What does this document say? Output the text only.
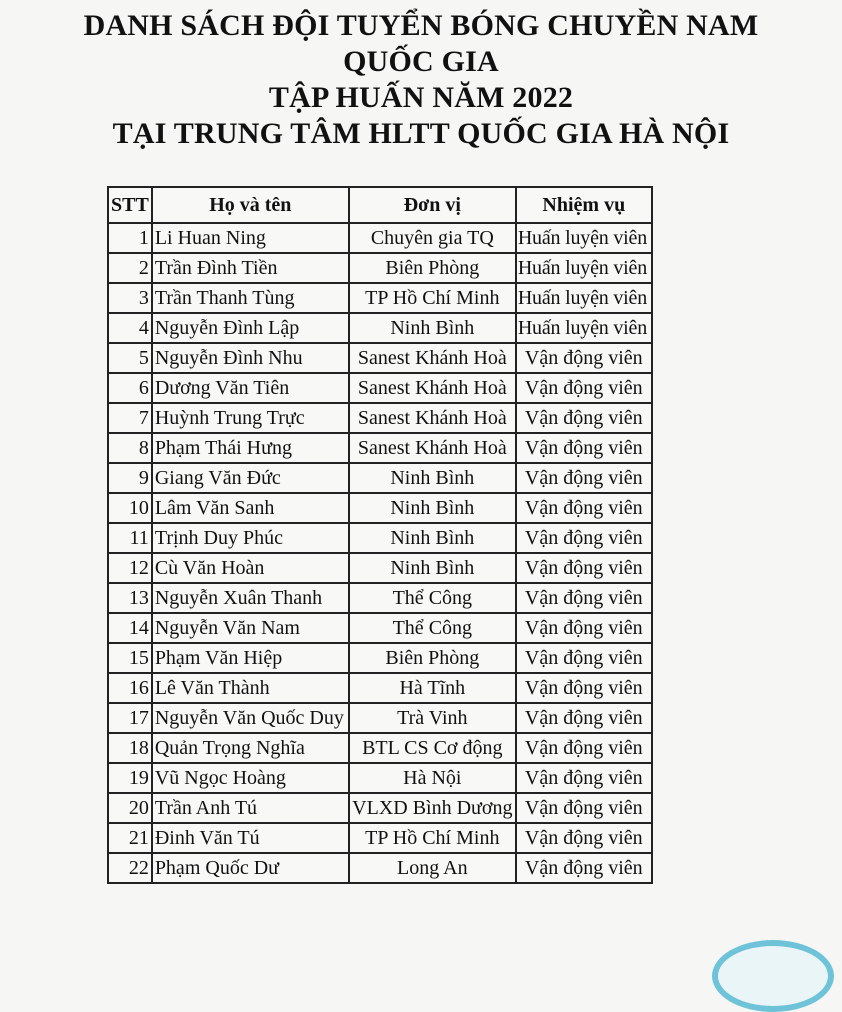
DANH SÁCH ĐỘI TUYỂN BÓNG CHUYỀN NAM
QUỐC GIA
TẬP HUẤN NĂM 2022
TẠI TRUNG TÂM HLTT QUỐC GIA HÀ NỘI
STT	Họ và tên	Đơn vị	Nhiệm vụ
1	Li Huan Ning	Chuyên gia TQ	Huấn luyện viên
2	Trần Đình Tiền	Biên Phòng	Huấn luyện viên
3	Trần Thanh Tùng	TP Hồ Chí Minh	Huấn luyện viên
4	Nguyễn Đình Lập	Ninh Bình	Huấn luyện viên
5	Nguyễn Đình Nhu	Sanest Khánh Hoà	Vận động viên
6	Dương Văn Tiên	Sanest Khánh Hoà	Vận động viên
7	Huỳnh Trung Trực	Sanest Khánh Hoà	Vận động viên
8	Phạm Thái Hưng	Sanest Khánh Hoà	Vận động viên
9	Giang Văn Đức	Ninh Bình	Vận động viên
10	Lâm Văn Sanh	Ninh Bình	Vận động viên
11	Trịnh Duy Phúc	Ninh Bình	Vận động viên
12	Cù Văn Hoàn	Ninh Bình	Vận động viên
13	Nguyễn Xuân Thanh	Thể Công	Vận động viên
14	Nguyễn Văn Nam	Thể Công	Vận động viên
15	Phạm Văn Hiệp	Biên Phòng	Vận động viên
16	Lê Văn Thành	Hà Tĩnh	Vận động viên
17	Nguyễn Văn Quốc Duy	Trà Vinh	Vận động viên
18	Quản Trọng Nghĩa	BTL CS Cơ động	Vận động viên
19	Vũ Ngọc Hoàng	Hà Nội	Vận động viên
20	Trần Anh Tú	VLXD Bình Dương	Vận động viên
21	Đinh Văn Tú	TP Hồ Chí Minh	Vận động viên
22	Phạm Quốc Dư	Long An	Vận động viên
